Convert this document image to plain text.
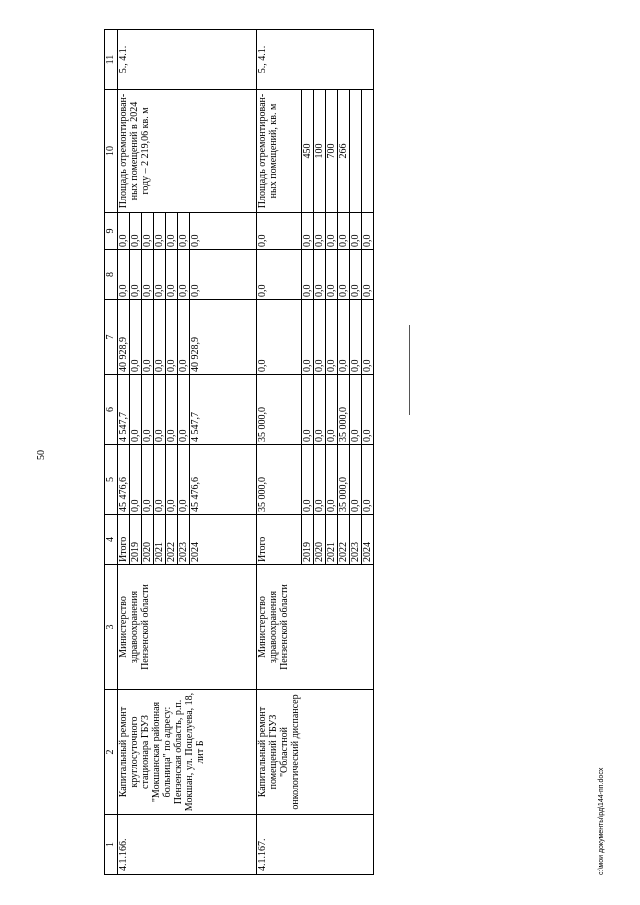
50
1	2	3	4	5	6	7	8	9	10	11
4.1.166.	Капитальный ремонт круглосуточного стационара ГБУЗ "Мокшанская районная больница" по адресу: Пензенская область, р.п. Мокшан, ул. Поцелуева, 18, лит Б	Министерство здравоохранения Пензенской области	Итого	45 476,6	4 547,7	40 928,9	0,0	0,0	Площадь отремонтирован-ных помещений в 2024 году – 2 219,06 кв. м	5., 4.1.
			2019	0,0	0,0	0,0	0,0	0,0		
			2020	0,0	0,0	0,0	0,0	0,0		
			2021	0,0	0,0	0,0	0,0	0,0		
			2022	0,0	0,0	0,0	0,0	0,0		
			2023	0,0	0,0	0,0	0,0	0,0		
			2024	45 476,6	4 547,7	40 928,9	0,0	0,0		
4.1.167.	Капитальный ремонт помещений ГБУЗ "Областной онкологический диспансер	Министерство здравоохранения Пензенской области	Итого	35 000,0	35 000,0	0,0	0,0	0,0	Площадь отремонтирован-ных помещений, кв. м	5., 4.1.
			2019	0,0	0,0	0,0	0,0	0,0	450	
			2020	0,0	0,0	0,0	0,0	0,0	100	
			2021	0,0	0,0	0,0	0,0	0,0	700	
			2022	35 000,0	35 000,0	0,0	0,0	0,0	266	
			2023	0,0	0,0	0,0	0,0	0,0		
			2024	0,0	0,0	0,0	0,0	0,0		
c:\мои документы\рд\144-пп.docx
